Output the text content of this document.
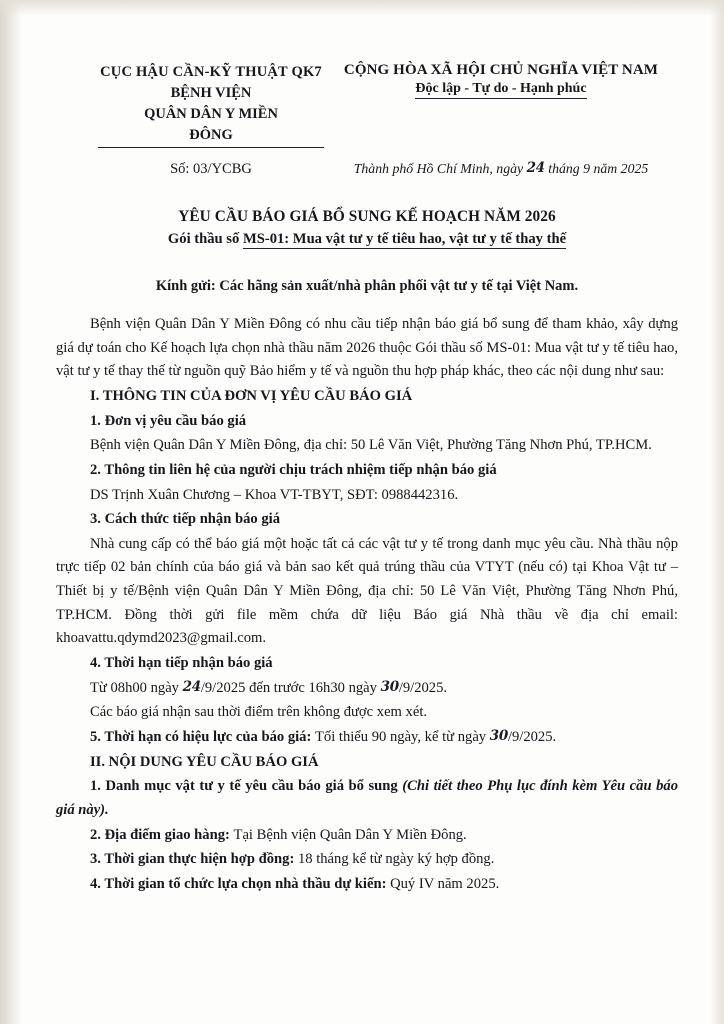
CỤC HẬU CẦN-KỸ THUẬT QK7
BỆNH VIỆN
QUÂN DÂN Y MIỀN ĐÔNG
CỘNG HÒA XÃ HỘI CHỦ NGHĨA VIỆT NAM
Độc lập - Tự do - Hạnh phúc
Số: 03/YCBG	Thành phố Hồ Chí Minh, ngày 24 tháng 9 năm 2025
YÊU CẦU BÁO GIÁ BỔ SUNG KẾ HOẠCH NĂM 2026
Gói thầu số MS-01: Mua vật tư y tế tiêu hao, vật tư y tế thay thế
Kính gửi: Các hãng sản xuất/nhà phân phối vật tư y tế tại Việt Nam.

Bệnh viện Quân Dân Y Miền Đông có nhu cầu tiếp nhận báo giá bổ sung để tham khảo, xây dựng giá dự toán cho Kế hoạch lựa chọn nhà thầu năm 2026 thuộc Gói thầu số MS-01: Mua vật tư y tế tiêu hao, vật tư y tế thay thế từ nguồn quỹ Bảo hiểm y tế và nguồn thu hợp pháp khác, theo các nội dung như sau:

I. THÔNG TIN CỦA ĐƠN VỊ YÊU CẦU BÁO GIÁ

1. Đơn vị yêu cầu báo giá

Bệnh viện Quân Dân Y Miền Đông, địa chỉ: 50 Lê Văn Việt, Phường Tăng Nhơn Phú, TP.HCM.

2. Thông tin liên hệ của người chịu trách nhiệm tiếp nhận báo giá

DS Trịnh Xuân Chương – Khoa VT-TBYT, SĐT: 0988442316.

3. Cách thức tiếp nhận báo giá

Nhà cung cấp có thể báo giá một hoặc tất cả các vật tư y tế trong danh mục yêu cầu. Nhà thầu nộp trực tiếp 02 bản chính của báo giá và bản sao kết quả trúng thầu của VTYT (nếu có) tại Khoa Vật tư – Thiết bị y tế/Bệnh viện Quân Dân Y Miền Đông, địa chỉ: 50 Lê Văn Việt, Phường Tăng Nhơn Phú, TP.HCM. Đồng thời gửi file mềm chứa dữ liệu Báo giá Nhà thầu về địa chỉ email: khoavattu.qdymd2023@gmail.com.

4. Thời hạn tiếp nhận báo giá

Từ 08h00 ngày 24/9/2025 đến trước 16h30 ngày 30/9/2025.

Các báo giá nhận sau thời điểm trên không được xem xét.

5. Thời hạn có hiệu lực của báo giá: Tối thiểu 90 ngày, kể từ ngày 30/9/2025.

II. NỘI DUNG YÊU CẦU BÁO GIÁ

1. Danh mục vật tư y tế yêu cầu báo giá bổ sung (Chi tiết theo Phụ lục đính kèm Yêu cầu báo giá này).

2. Địa điểm giao hàng: Tại Bệnh viện Quân Dân Y Miền Đông.

3. Thời gian thực hiện hợp đồng: 18 tháng kể từ ngày ký hợp đồng.

4. Thời gian tổ chức lựa chọn nhà thầu dự kiến: Quý IV năm 2025.
